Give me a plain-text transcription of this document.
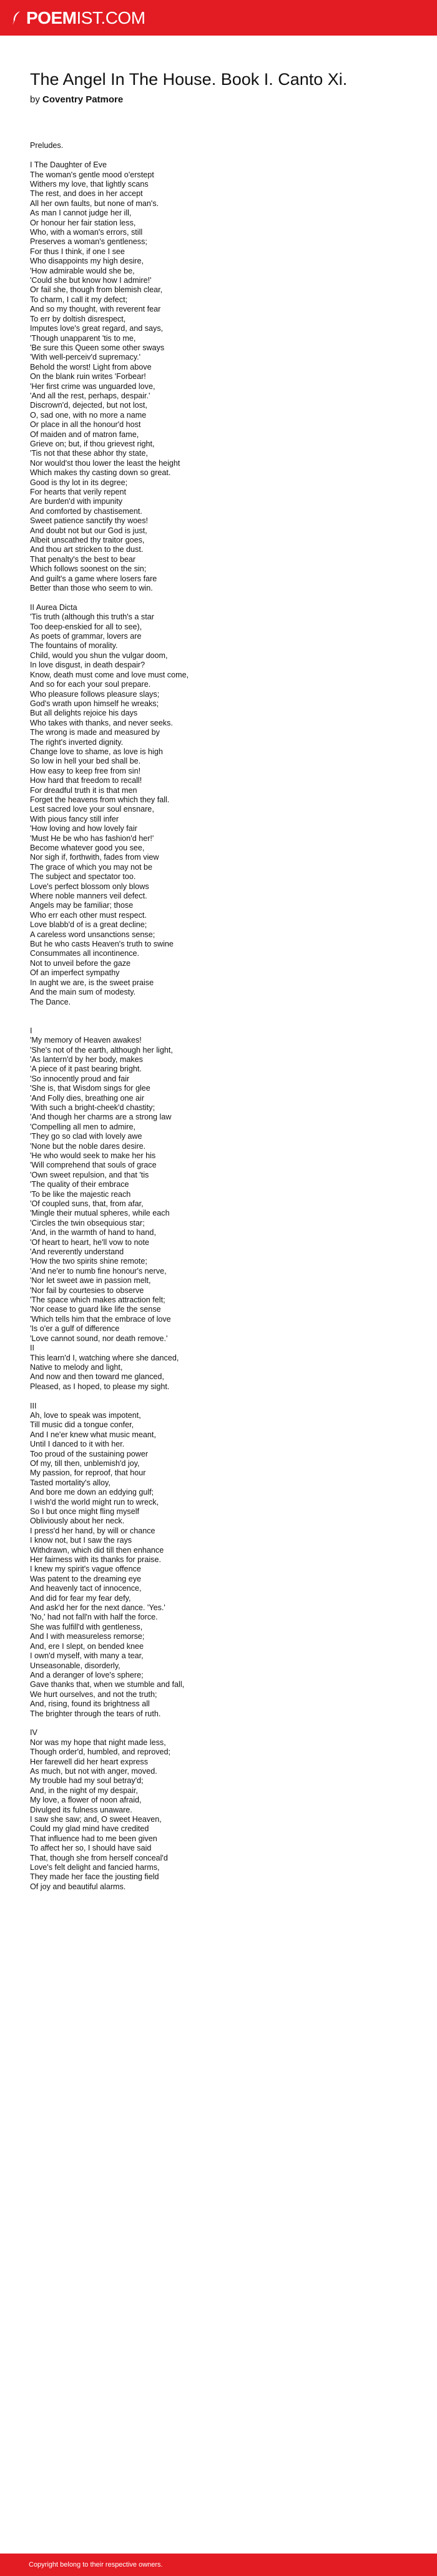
POEMIST.COM
The Angel In The House. Book I. Canto Xi.
by Coventry Patmore
Preludes.
I The Daughter of Eve
The woman's gentle mood o'erstept
Withers my love, that lightly scans
The rest, and does in her accept
All her own faults, but none of man's.
As man I cannot judge her ill,
Or honour her fair station less,
Who, with a woman's errors, still
Preserves a woman's gentleness;
For thus I think, if one I see
Who disappoints my high desire,
'How admirable would she be,
'Could she but know how I admire!'
Or fail she, though from blemish clear,
To charm, I call it my defect;
And so my thought, with reverent fear
To err by doltish disrespect,
Imputes love's great regard, and says,
'Though unapparent 'tis to me,
'Be sure this Queen some other sways
'With well-perceiv'd supremacy.'
Behold the worst! Light from above
On the blank ruin writes 'Forbear!
'Her first crime was unguarded love,
'And all the rest, perhaps, despair.'
Discrown'd, dejected, but not lost,
O, sad one, with no more a name
Or place in all the honour'd host
Of maiden and of matron fame,
Grieve on; but, if thou grievest right,
'Tis not that these abhor thy state,
Nor would'st thou lower the least the height
Which makes thy casting down so great.
Good is thy lot in its degree;
For hearts that verily repent
Are burden'd with impunity
And comforted by chastisement.
Sweet patience sanctify thy woes!
And doubt not but our God is just,
Albeit unscathed thy traitor goes,
And thou art stricken to the dust.
That penalty's the best to bear
Which follows soonest on the sin;
And guilt's a game where losers fare
Better than those who seem to win.
II Aurea Dicta
'Tis truth (although this truth's a star
Too deep-enskied for all to see),
As poets of grammar, lovers are
The fountains of morality.
Child, would you shun the vulgar doom,
In love disgust, in death despair?
Know, death must come and love must come,
And so for each your soul prepare.
Who pleasure follows pleasure slays;
God's wrath upon himself he wreaks;
But all delights rejoice his days
Who takes with thanks, and never seeks.
The wrong is made and measured by
The right's inverted dignity.
Change love to shame, as love is high
So low in hell your bed shall be.
How easy to keep free from sin!
How hard that freedom to recall!
For dreadful truth it is that men
Forget the heavens from which they fall.
Lest sacred love your soul ensnare,
With pious fancy still infer
'How loving and how lovely fair
'Must He be who has fashion'd her!'
Become whatever good you see,
Nor sigh if, forthwith, fades from view
The grace of which you may not be
The subject and spectator too.
Love's perfect blossom only blows
Where noble manners veil defect.
Angels may be familiar; those
Who err each other must respect.
Love blabb'd of is a great decline;
A careless word unsanctions sense;
But he who casts Heaven's truth to swine
Consummates all incontinence.
Not to unveil before the gaze
Of an imperfect sympathy
In aught we are, is the sweet praise
And the main sum of modesty.
The Dance.
I
'My memory of Heaven awakes!
'She's not of the earth, although her light,
'As lantern'd by her body, makes
'A piece of it past bearing bright.
'So innocently proud and fair
'She is, that Wisdom sings for glee
'And Folly dies, breathing one air
'With such a bright-cheek'd chastity;
'And though her charms are a strong law
'Compelling all men to admire,
'They go so clad with lovely awe
'None but the noble dares desire.
'He who would seek to make her his
'Will comprehend that souls of grace
'Own sweet repulsion, and that 'tis
'The quality of their embrace
'To be like the majestic reach
'Of coupled suns, that, from afar,
'Mingle their mutual spheres, while each
'Circles the twin obsequious star;
'And, in the warmth of hand to hand,
'Of heart to heart, he'll vow to note
'And reverently understand
'How the two spirits shine remote;
'And ne'er to numb fine honour's nerve,
'Nor let sweet awe in passion melt,
'Nor fail by courtesies to observe
'The space which makes attraction felt;
'Nor cease to guard like life the sense
'Which tells him that the embrace of love
'Is o'er a gulf of difference
'Love cannot sound, nor death remove.'
II
This learn'd I, watching where she danced,
Native to melody and light,
And now and then toward me glanced,
Pleased, as I hoped, to please my sight.
III
Ah, love to speak was impotent,
Till music did a tongue confer,
And I ne'er knew what music meant,
Until I danced to it with her.
Too proud of the sustaining power
Of my, till then, unblemish'd joy,
My passion, for reproof, that hour
Tasted mortality's alloy,
And bore me down an eddying gulf;
I wish'd the world might run to wreck,
So I but once might fling myself
Obliviously about her neck.
I press'd her hand, by will or chance
I know not, but I saw the rays
Withdrawn, which did till then enhance
Her fairness with its thanks for praise.
I knew my spirit's vague offence
Was patent to the dreaming eye
And heavenly tact of innocence,
And did for fear my fear defy,
And ask'd her for the next dance. 'Yes.'
'No,' had not fall'n with half the force.
She was fulfill'd with gentleness,
And I with measureless remorse;
And, ere I slept, on bended knee
I own'd myself, with many a tear,
Unseasonable, disorderly,
And a deranger of love's sphere;
Gave thanks that, when we stumble and fall,
We hurt ourselves, and not the truth;
And, rising, found its brightness all
The brighter through the tears of ruth.
IV
Nor was my hope that night made less,
Though order'd, humbled, and reproved;
Her farewell did her heart express
As much, but not with anger, moved.
My trouble had my soul betray'd;
And, in the night of my despair,
My love, a flower of noon afraid,
Divulged its fulness unaware.
I saw she saw; and, O sweet Heaven,
Could my glad mind have credited
That influence had to me been given
To affect her so, I should have said
That, though she from herself conceal'd
Love's felt delight and fancied harms,
They made her face the jousting field
Of joy and beautiful alarms.
Copyright belong to their respective owners.
